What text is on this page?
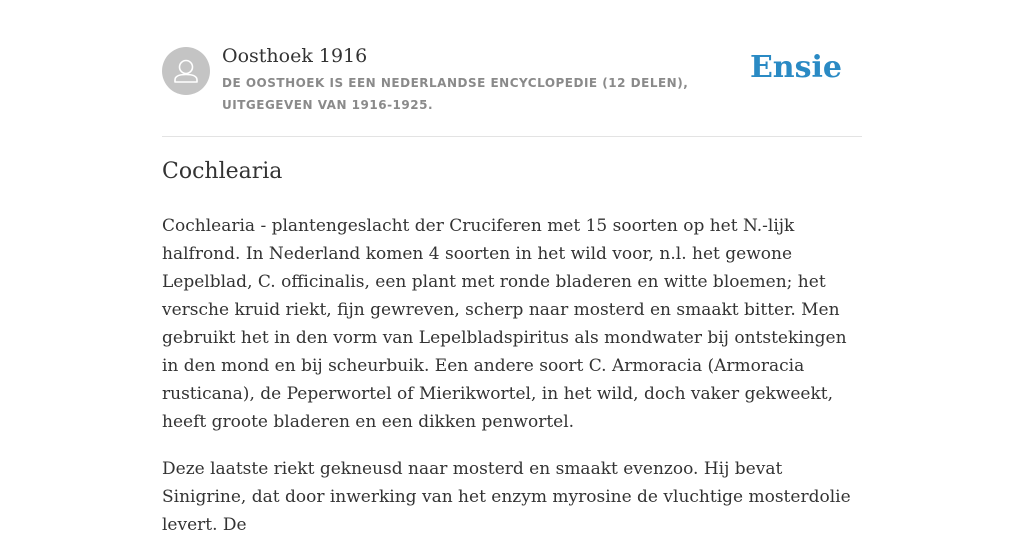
Oosthoek 1916
DE OOSTHOEK IS EEN NEDERLANDSE ENCYCLOPEDIE (12 DELEN), UITGEGEVEN VAN 1916-1925.
Ensie
Cochlearia

Cochlearia - plantengeslacht der Cruciferen met 15 soorten op het N.-lijk halfrond. In Nederland komen 4 soorten in het wild voor, n.l. het gewone Lepelblad, C. officinalis, een plant met ronde bladeren en witte bloemen; het versche kruid riekt, fijn gewreven, scherp naar mosterd en smaakt bitter. Men gebruikt het in den vorm van Lepelbladspiritus als mondwater bij ontstekingen in den mond en bij scheurbuik. Een andere soort C. Armoracia (Armoracia rusticana), de Peperwortel of Mierikwortel, in het wild, doch vaker gekweekt, heeft groote bladeren en een dikken penwortel.

Deze laatste riekt gekneusd naar mosterd en smaakt evenzoo. Hij bevat Sinigrine, dat door inwerking van het enzym myrosine de vluchtige mosterdolie levert. De
